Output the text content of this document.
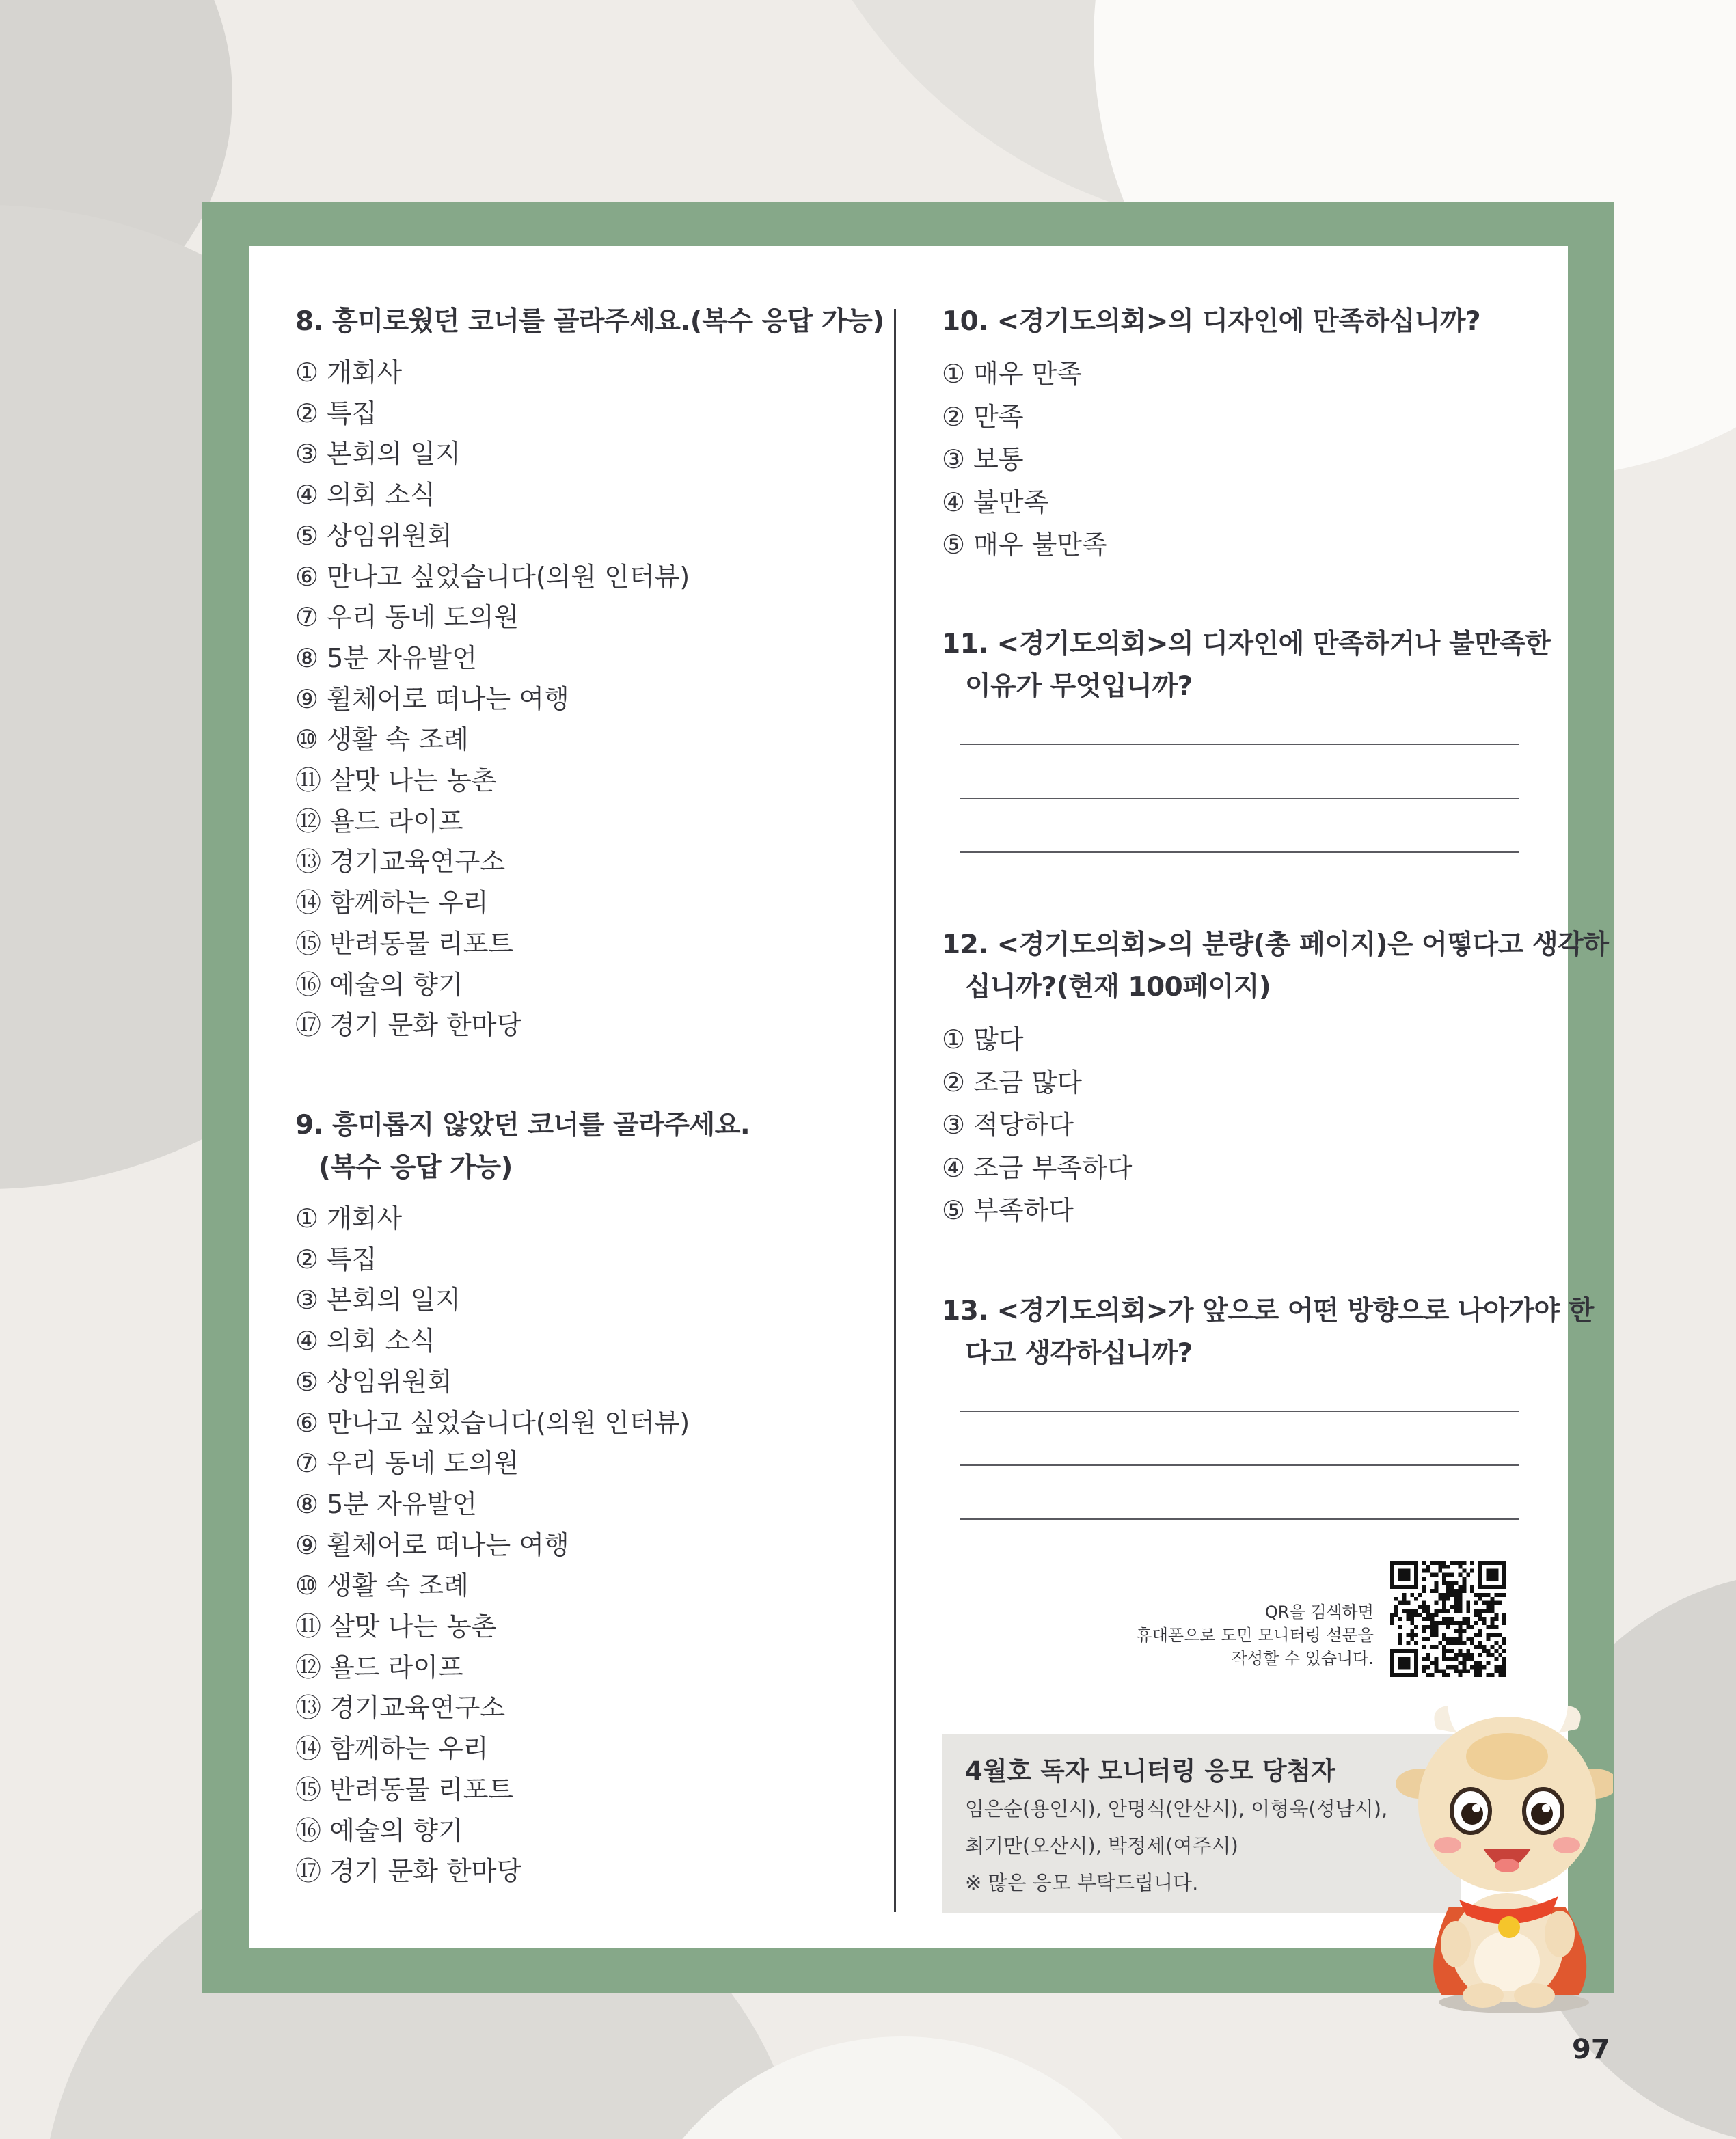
8. 흥미로웠던 코너를 골라주세요.(복수 응답 가능)
① 개회사
② 특집
③ 본회의 일지
④ 의회 소식
⑤ 상임위원회
⑥ 만나고 싶었습니다(의원 인터뷰)
⑦ 우리 동네 도의원
⑧ 5분 자유발언
⑨ 휠체어로 떠나는 여행
⑩ 생활 속 조례
⑪ 살맛 나는 농촌
⑫ 욜드 라이프
⑬ 경기교육연구소
⑭ 함께하는 우리
⑮ 반려동물 리포트
⑯ 예술의 향기
⑰ 경기 문화 한마당
9. 흥미롭지 않았던 코너를 골라주세요.
(복수 응답 가능)
① 개회사
② 특집
③ 본회의 일지
④ 의회 소식
⑤ 상임위원회
⑥ 만나고 싶었습니다(의원 인터뷰)
⑦ 우리 동네 도의원
⑧ 5분 자유발언
⑨ 휠체어로 떠나는 여행
⑩ 생활 속 조례
⑪ 살맛 나는 농촌
⑫ 욜드 라이프
⑬ 경기교육연구소
⑭ 함께하는 우리
⑮ 반려동물 리포트
⑯ 예술의 향기
⑰ 경기 문화 한마당
10. <경기도의회>의 디자인에 만족하십니까?
① 매우 만족
② 만족
③ 보통
④ 불만족
⑤ 매우 불만족
11. <경기도의회>의 디자인에 만족하거나 불만족한
이유가 무엇입니까?
12. <경기도의회>의 분량(총 페이지)은 어떻다고 생각하
십니까?(현재 100페이지)
① 많다
② 조금 많다
③ 적당하다
④ 조금 부족하다
⑤ 부족하다
13. <경기도의회>가 앞으로 어떤 방향으로 나아가야 한
다고 생각하십니까?
QR을 검색하면
휴대폰으로 도민 모니터링 설문을
작성할 수 있습니다.
4월호 독자 모니터링 응모 당첨자
임은순(용인시), 안명식(안산시), 이형욱(성남시),
최기만(오산시), 박정세(여주시)
※ 많은 응모 부탁드립니다.
97
